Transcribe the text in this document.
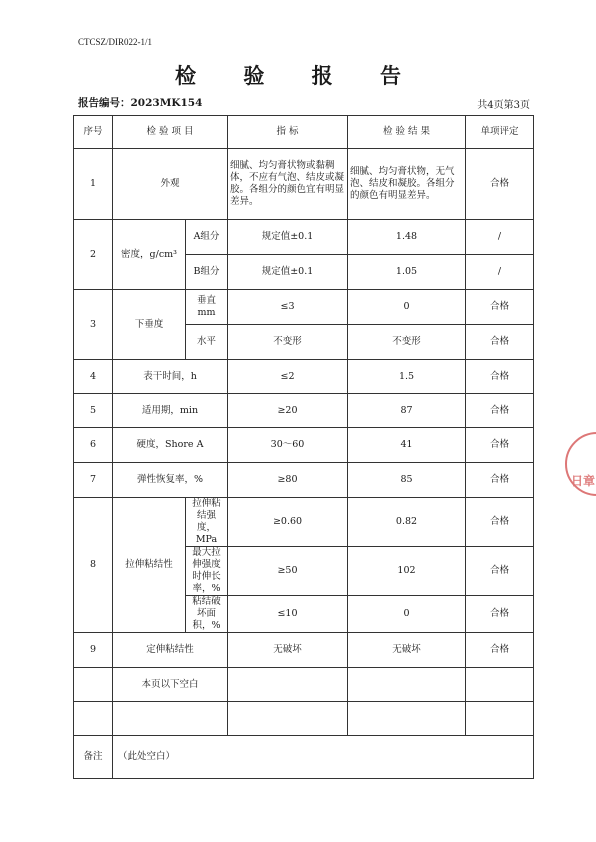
CTCSZ/DIR022-1/1
检 验 报 告
报告编号：2023MK154	共4页第3页
序号	检 验 项 目		指 标	检 验 结 果	单项评定
1	外观		细腻、均匀膏状物或黏稠体，不应有气泡、结皮或凝胶。各组分的颜色宜有明显差异。	细腻、均匀膏状物，无气泡、结皮和凝胶。各组分的颜色有明显差异。	合格
2	密度，g/cm³	A组分	规定值±0.1	1.48	/
		B组分	规定值±0.1	1.05	/
3	下垂度	垂直 mm	≤3	0	合格
		水平	不变形	不变形	合格
4	表干时间，h		≤2	1.5	合格
5	适用期，min		≥20	87	合格
6	硬度，Shore A		30～60	41	合格
7	弹性恢复率，%		≥80	85	合格
8	拉伸粘结性	拉伸粘结强度，MPa	≥0.60	0.82	合格
		最大拉伸强度时伸长率，%	≥50	102	合格
		粘结破坏面积，%	≤10	0	合格
9	定伸粘结性		无破坏	无破坏	合格
	本页以下空白				

备注	（此处空白）				
日章
